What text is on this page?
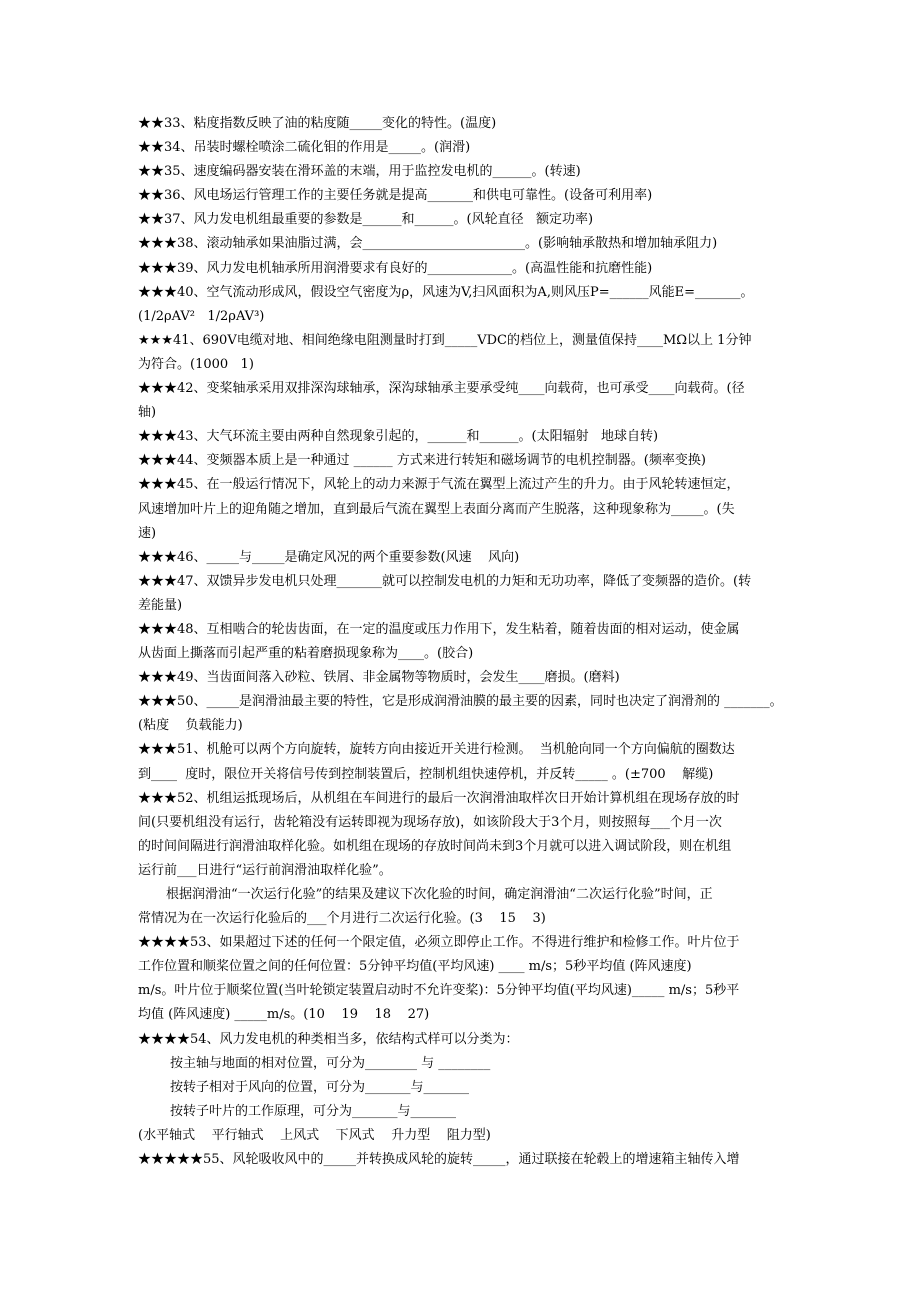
★★33、粘度指数反映了油的粘度随_____变化的特性。(温度)
★★34、吊装时螺栓喷涂二硫化钼的作用是_____。(润滑)
★★35、速度编码器安装在滑环盖的末端，用于监控发电机的______。(转速)
★★36、风电场运行管理工作的主要任务就是提高_______和供电可靠性。(设备可利用率)
★★37、风力发电机组最重要的参数是______和______。(风轮直径   额定功率)
★★★38、滚动轴承如果油脂过满，会_________________________。(影响轴承散热和增加轴承阻力)
★★★39、风力发电机轴承所用润滑要求有良好的_____________。(高温性能和抗磨性能)
★★★40、空气流动形成风，假设空气密度为ρ，风速为V,扫风面积为A,则风压P=______风能E=_______。
(1/2ρAV²   1/2ρAV³)
★★★41、690V电缆对地、相间绝缘电阻测量时打到_____VDC的档位上，测量值保持____MΩ以上 1分钟
为符合。(1000   1)
★★★42、变桨轴承采用双排深沟球轴承，深沟球轴承主要承受纯____向载荷，也可承受____向载荷。(径
轴)
★★★43、大气环流主要由两种自然现象引起的，______和______。(太阳辐射   地球自转)
★★★44、变频器本质上是一种通过 ______ 方式来进行转矩和磁场调节的电机控制器。(频率变换)
★★★45、在一般运行情况下，风轮上的动力来源于气流在翼型上流过产生的升力。由于风轮转速恒定，
风速增加叶片上的迎角随之增加，直到最后气流在翼型上表面分离而产生脱落，这种现象称为_____。(失
速)
★★★46、_____与_____是确定风况的两个重要参数(风速    风向)
★★★47、双馈异步发电机只处理_______就可以控制发电机的力矩和无功功率，降低了变频器的造价。(转
差能量)
★★★48、互相啮合的轮齿齿面，在一定的温度或压力作用下，发生粘着，随着齿面的相对运动，使金属
从齿面上撕落而引起严重的粘着磨损现象称为____。(胶合)
★★★49、当齿面间落入砂粒、铁屑、非金属物等物质时，会发生____磨损。(磨料)
★★★50、_____是润滑油最主要的特性，它是形成润滑油膜的最主要的因素，同时也决定了润滑剂的 _______。
(粘度    负载能力)
★★★51、机舱可以两个方向旋转，旋转方向由接近开关进行检测。  当机舱向同一个方向偏航的圈数达
到____  度时，限位开关将信号传到控制装置后，控制机组快速停机，并反转_____ 。(±700    解缆)
★★★52、机组运抵现场后，从机组在车间进行的最后一次润滑油取样次日开始计算机组在现场存放的时
间(只要机组没有运行，齿轮箱没有运转即视为现场存放)，如该阶段大于3个月，则按照每___个月一次
的时间间隔进行润滑油取样化验。如机组在现场的存放时间尚未到3个月就可以进入调试阶段，则在机组
运行前___日进行“运行前润滑油取样化验”。
根据润滑油“一次运行化验”的结果及建议下次化验的时间，确定润滑油“二次运行化验”时间，正
常情况为在一次运行化验后的___个月进行二次运行化验。(3    15    3)
★★★★53、如果超过下述的任何一个限定值，必须立即停止工作。不得进行维护和检修工作。叶片位于
工作位置和顺桨位置之间的任何位置：5分钟平均值(平均风速) ____ m/s；5秒平均值 (阵风速度)
m/s。叶片位于顺桨位置(当叶轮锁定装置启动时不允许变桨)：5分钟平均值(平均风速)_____ m/s；5秒平
均值 (阵风速度) _____m/s。(10    19    18    27)
★★★★54、风力发电机的种类相当多，依结构式样可以分类为：
按主轴与地面的相对位置，可分为________ 与 ________
按转子相对于风向的位置，可分为_______与_______
按转子叶片的工作原理，可分为_______与_______
(水平轴式    平行轴式    上风式    下风式    升力型    阻力型)
★★★★★55、风轮吸收风中的_____并转换成风轮的旋转_____，通过联接在轮毂上的增速箱主轴传入增
